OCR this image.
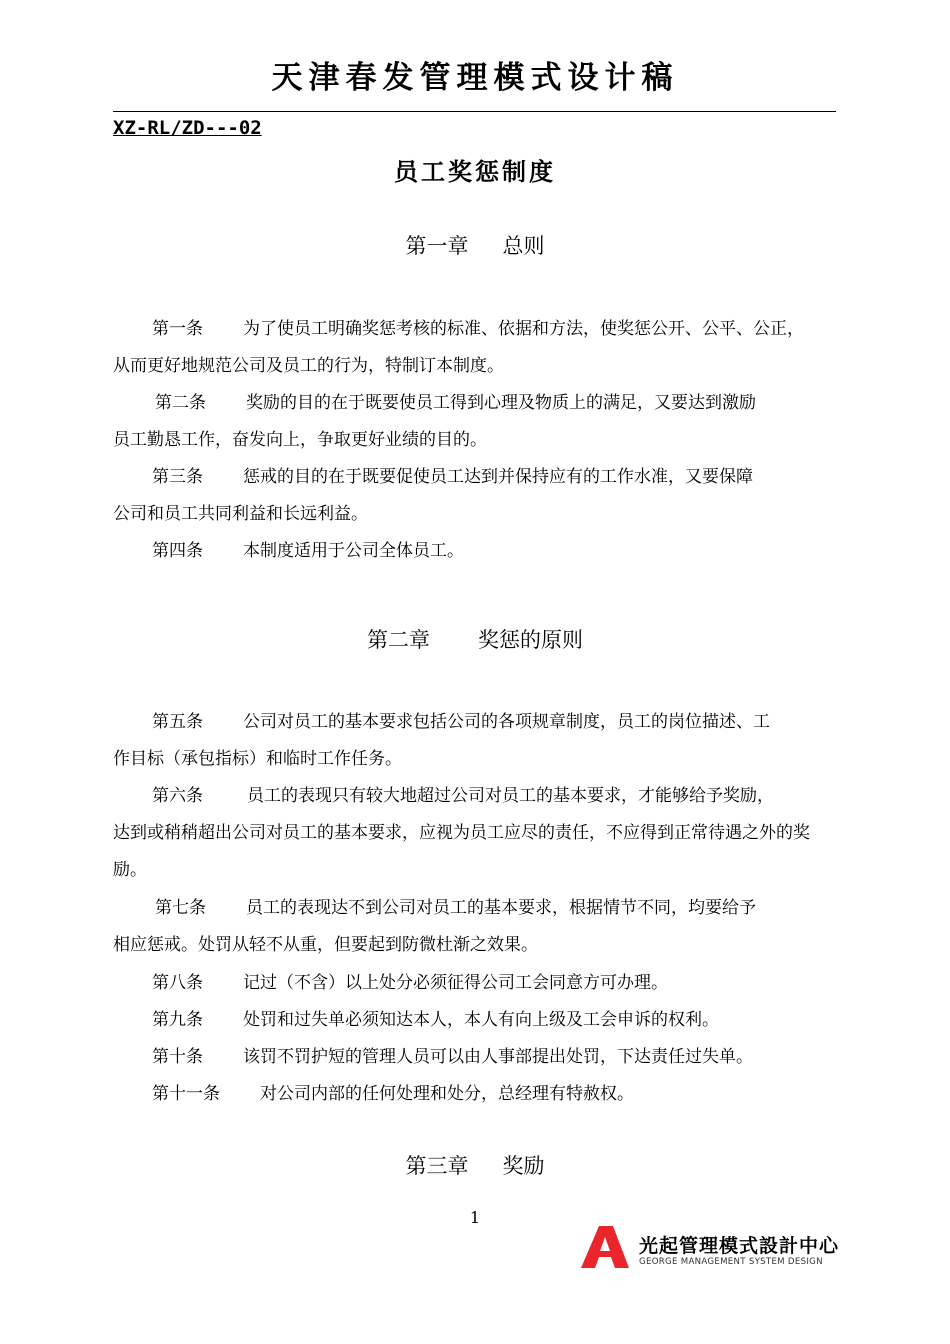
天津春发管理模式设计稿
XZ-RL/ZD---02
员工奖惩制度
第一章 总则
第一条 为了使员工明确奖惩考核的标准、依据和方法，使奖惩公开、公平、公正，
从而更好地规范公司及员工的行为，特制订本制度。
第二条 奖励的目的在于既要使员工得到心理及物质上的满足，又要达到激励
员工勤恳工作，奋发向上，争取更好业绩的目的。
第三条 惩戒的目的在于既要促使员工达到并保持应有的工作水准，又要保障
公司和员工共同利益和长远利益。
第四条 本制度适用于公司全体员工。
第二章 奖惩的原则
第五条 公司对员工的基本要求包括公司的各项规章制度，员工的岗位描述、工
作目标（承包指标）和临时工作任务。
第六条	员工的表现只有较大地超过公司对员工的基本要求，才能够给予奖励，
达到或稍稍超出公司对员工的基本要求，应视为员工应尽的责任，不应得到正常待遇之外的奖励。
第七条 员工的表现达不到公司对员工的基本要求，根据情节不同，均要给予
相应惩戒。处罚从轻不从重，但要起到防微杜渐之效果。
第八条 记过（不含）以上处分必须征得公司工会同意方可办理。
第九条 处罚和过失单必须知达本人，本人有向上级及工会申诉的权利。
第十条 该罚不罚护短的管理人员可以由人事部提出处罚，下达责任过失单。
第十一条 对公司内部的任何处理和处分，总经理有特赦权。
第三章 奖励
1
光起管理模式設計中心
GEORGE MANAGEMENT SYSTEM DESIGN
